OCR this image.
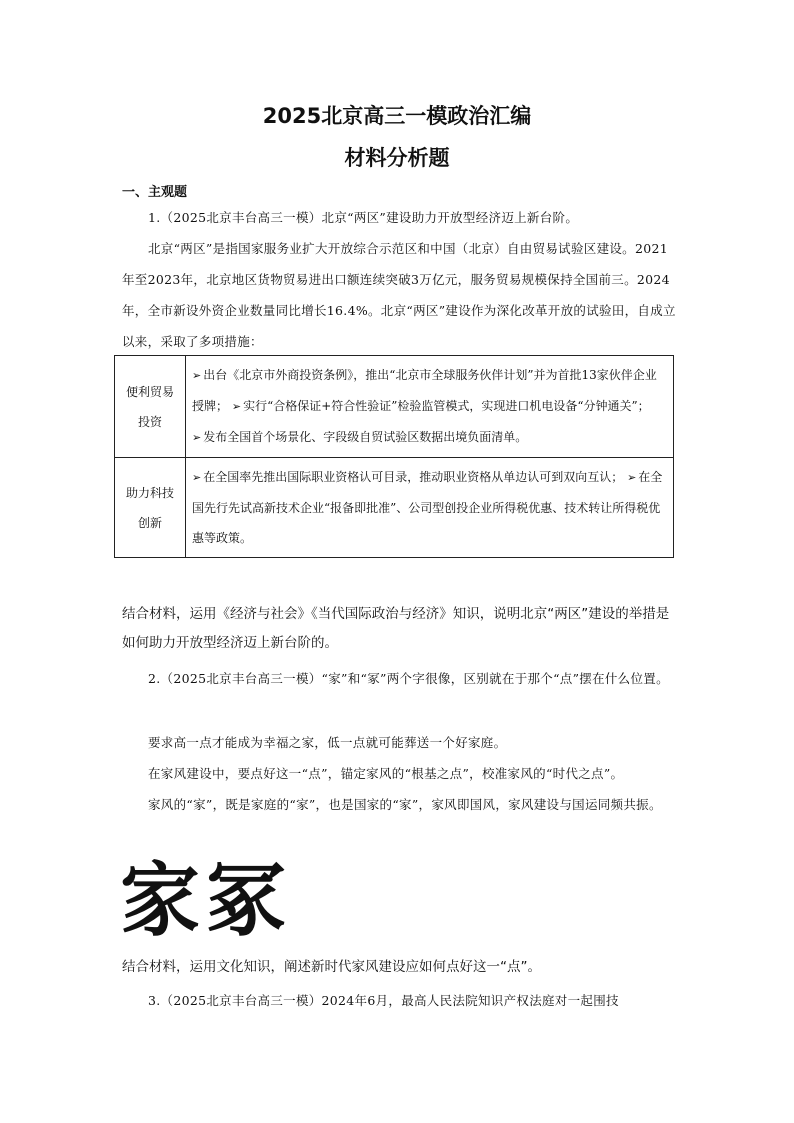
2025北京高三一模政治汇编
材料分析题
一、主观题
1.（2025北京丰台高三一模）北京“两区”建设助力开放型经济迈上新台阶。
北京“两区”是指国家服务业扩大开放综合示范区和中国（北京）自由贸易试验区建设。2021年至2023年，北京地区货物贸易进出口额连续突破3万亿元，服务贸易规模保持全国前三。2024年，全市新设外资企业数量同比增长16.4%。北京“两区”建设作为深化改革开放的试验田，自成立以来，采取了多项措施：
便利贸易投资	➢ 出台《北京市外商投资条例》，推出“北京市全球服务伙伴计划”并为首批13家伙伴企业授牌； ➢ 实行“合格保证+符合性验证”检验监管模式，实现进口机电设备“分钟通关”；
➢ 发布全国首个场景化、字段级自贸试验区数据出境负面清单。
助力科技创新	➢ 在全国率先推出国际职业资格认可目录，推动职业资格从单边认可到双向互认； ➢ 在全国先行先试高新技术企业“报备即批准”、公司型创投企业所得税优惠、技术转让所得税优惠等政策。
结合材料，运用《经济与社会》《当代国际政治与经济》知识，说明北京“两区”建设的举措是如何助力开放型经济迈上新台阶的。
2.（2025北京丰台高三一模）“家”和“冢”两个字很像，区别就在于那个“点”摆在什么位置。
要求高一点才能成为幸福之家，低一点就可能葬送一个好家庭。
在家风建设中，要点好这一“点”，锚定家风的“根基之点”，校准家风的“时代之点”。
家风的“家”，既是家庭的“家”，也是国家的“家”，家风即国风，家风建设与国运同频共振。
家冢
结合材料，运用文化知识，阐述新时代家风建设应如何点好这一“点”。
3.（2025北京丰台高三一模）2024年6月，最高人民法院知识产权法庭对一起围技
